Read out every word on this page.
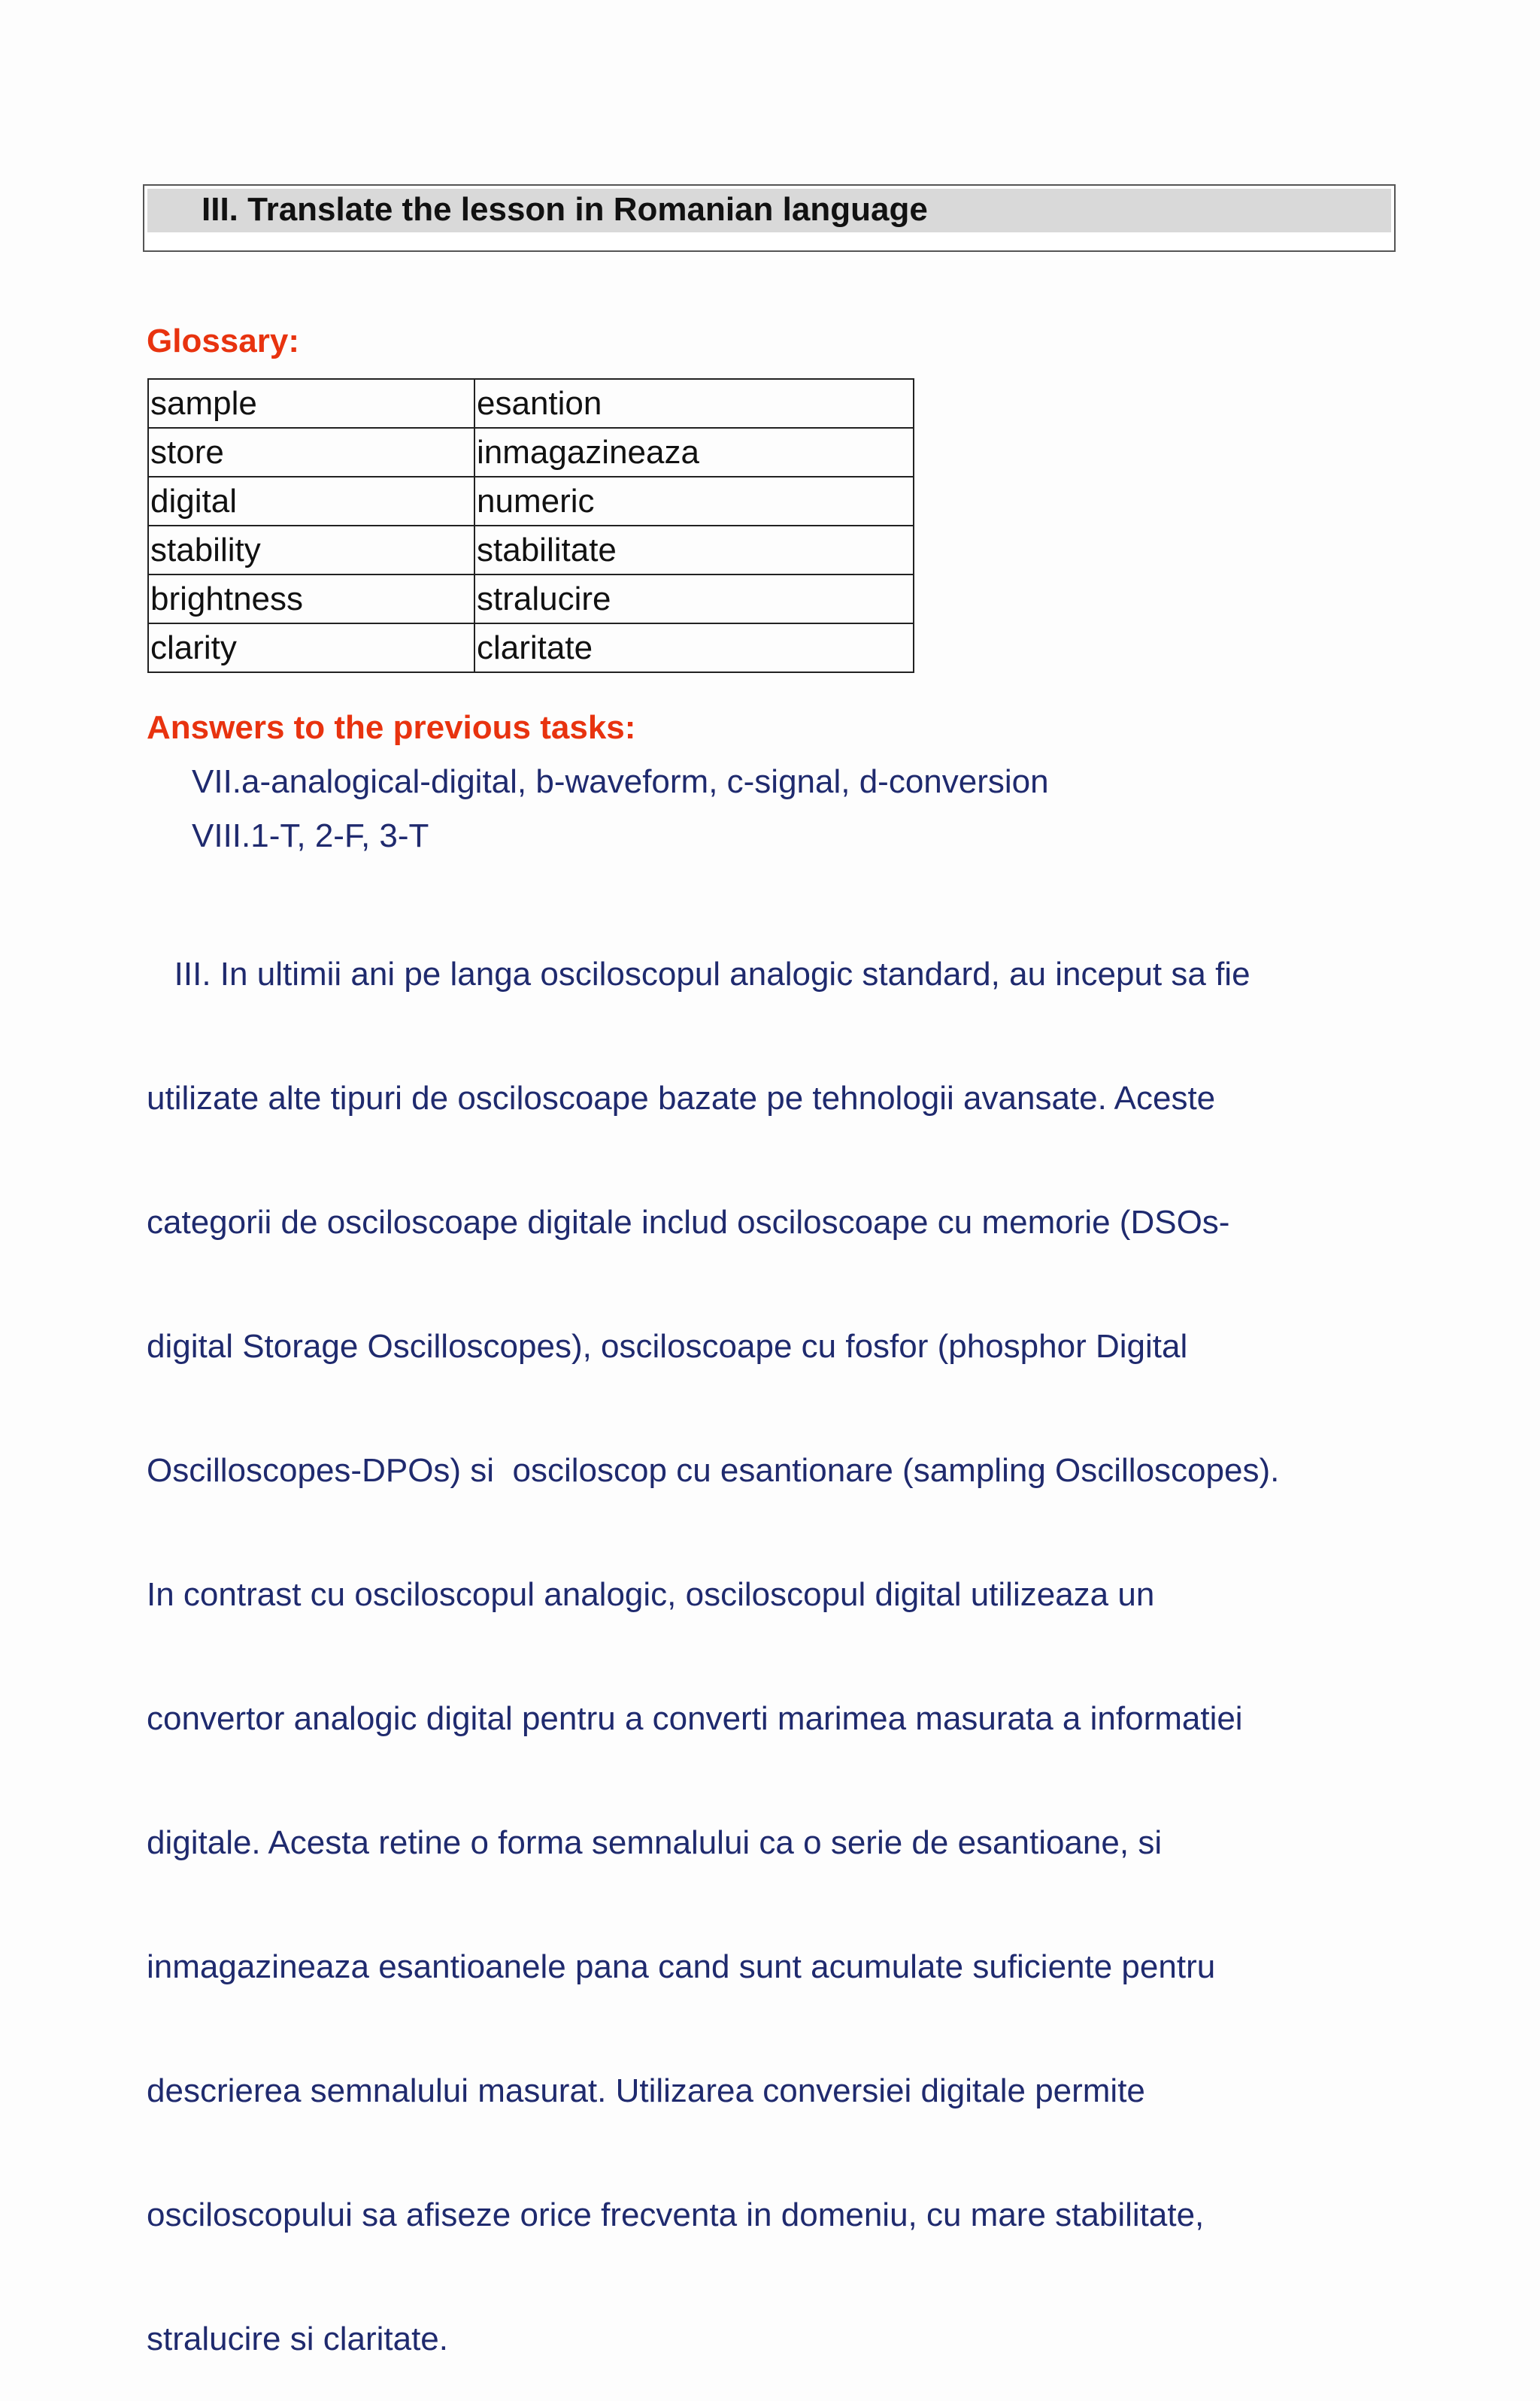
III. Translate the lesson in Romanian language
Glossary:
sample	esantion
store	inmagazineaza
digital	numeric
stability	stabilitate
brightness	stralucire
clarity	claritate
Answers to the previous tasks:
VII.a-analogical-digital, b-waveform, c-signal, d-conversion
VIII.1-T, 2-F, 3-T

III. In ultimii ani pe langa osciloscopul analogic standard, au inceput sa fie

utilizate alte tipuri de osciloscoape bazate pe tehnologii avansate. Aceste

categorii de osciloscoape digitale includ osciloscoape cu memorie (DSOs-

digital Storage Oscilloscopes), osciloscoape cu fosfor (phosphor Digital

Oscilloscopes-DPOs) si  osciloscop cu esantionare (sampling Oscilloscopes).

In contrast cu osciloscopul analogic, osciloscopul digital utilizeaza un

convertor analogic digital pentru a converti marimea masurata a informatiei

digitale. Acesta retine o forma semnalului ca o serie de esantioane, si

inmagazineaza esantioanele pana cand sunt acumulate suficiente pentru

descrierea semnalului masurat. Utilizarea conversiei digitale permite

osciloscopului sa afiseze orice frecventa in domeniu, cu mare stabilitate,

stralucire si claritate.
